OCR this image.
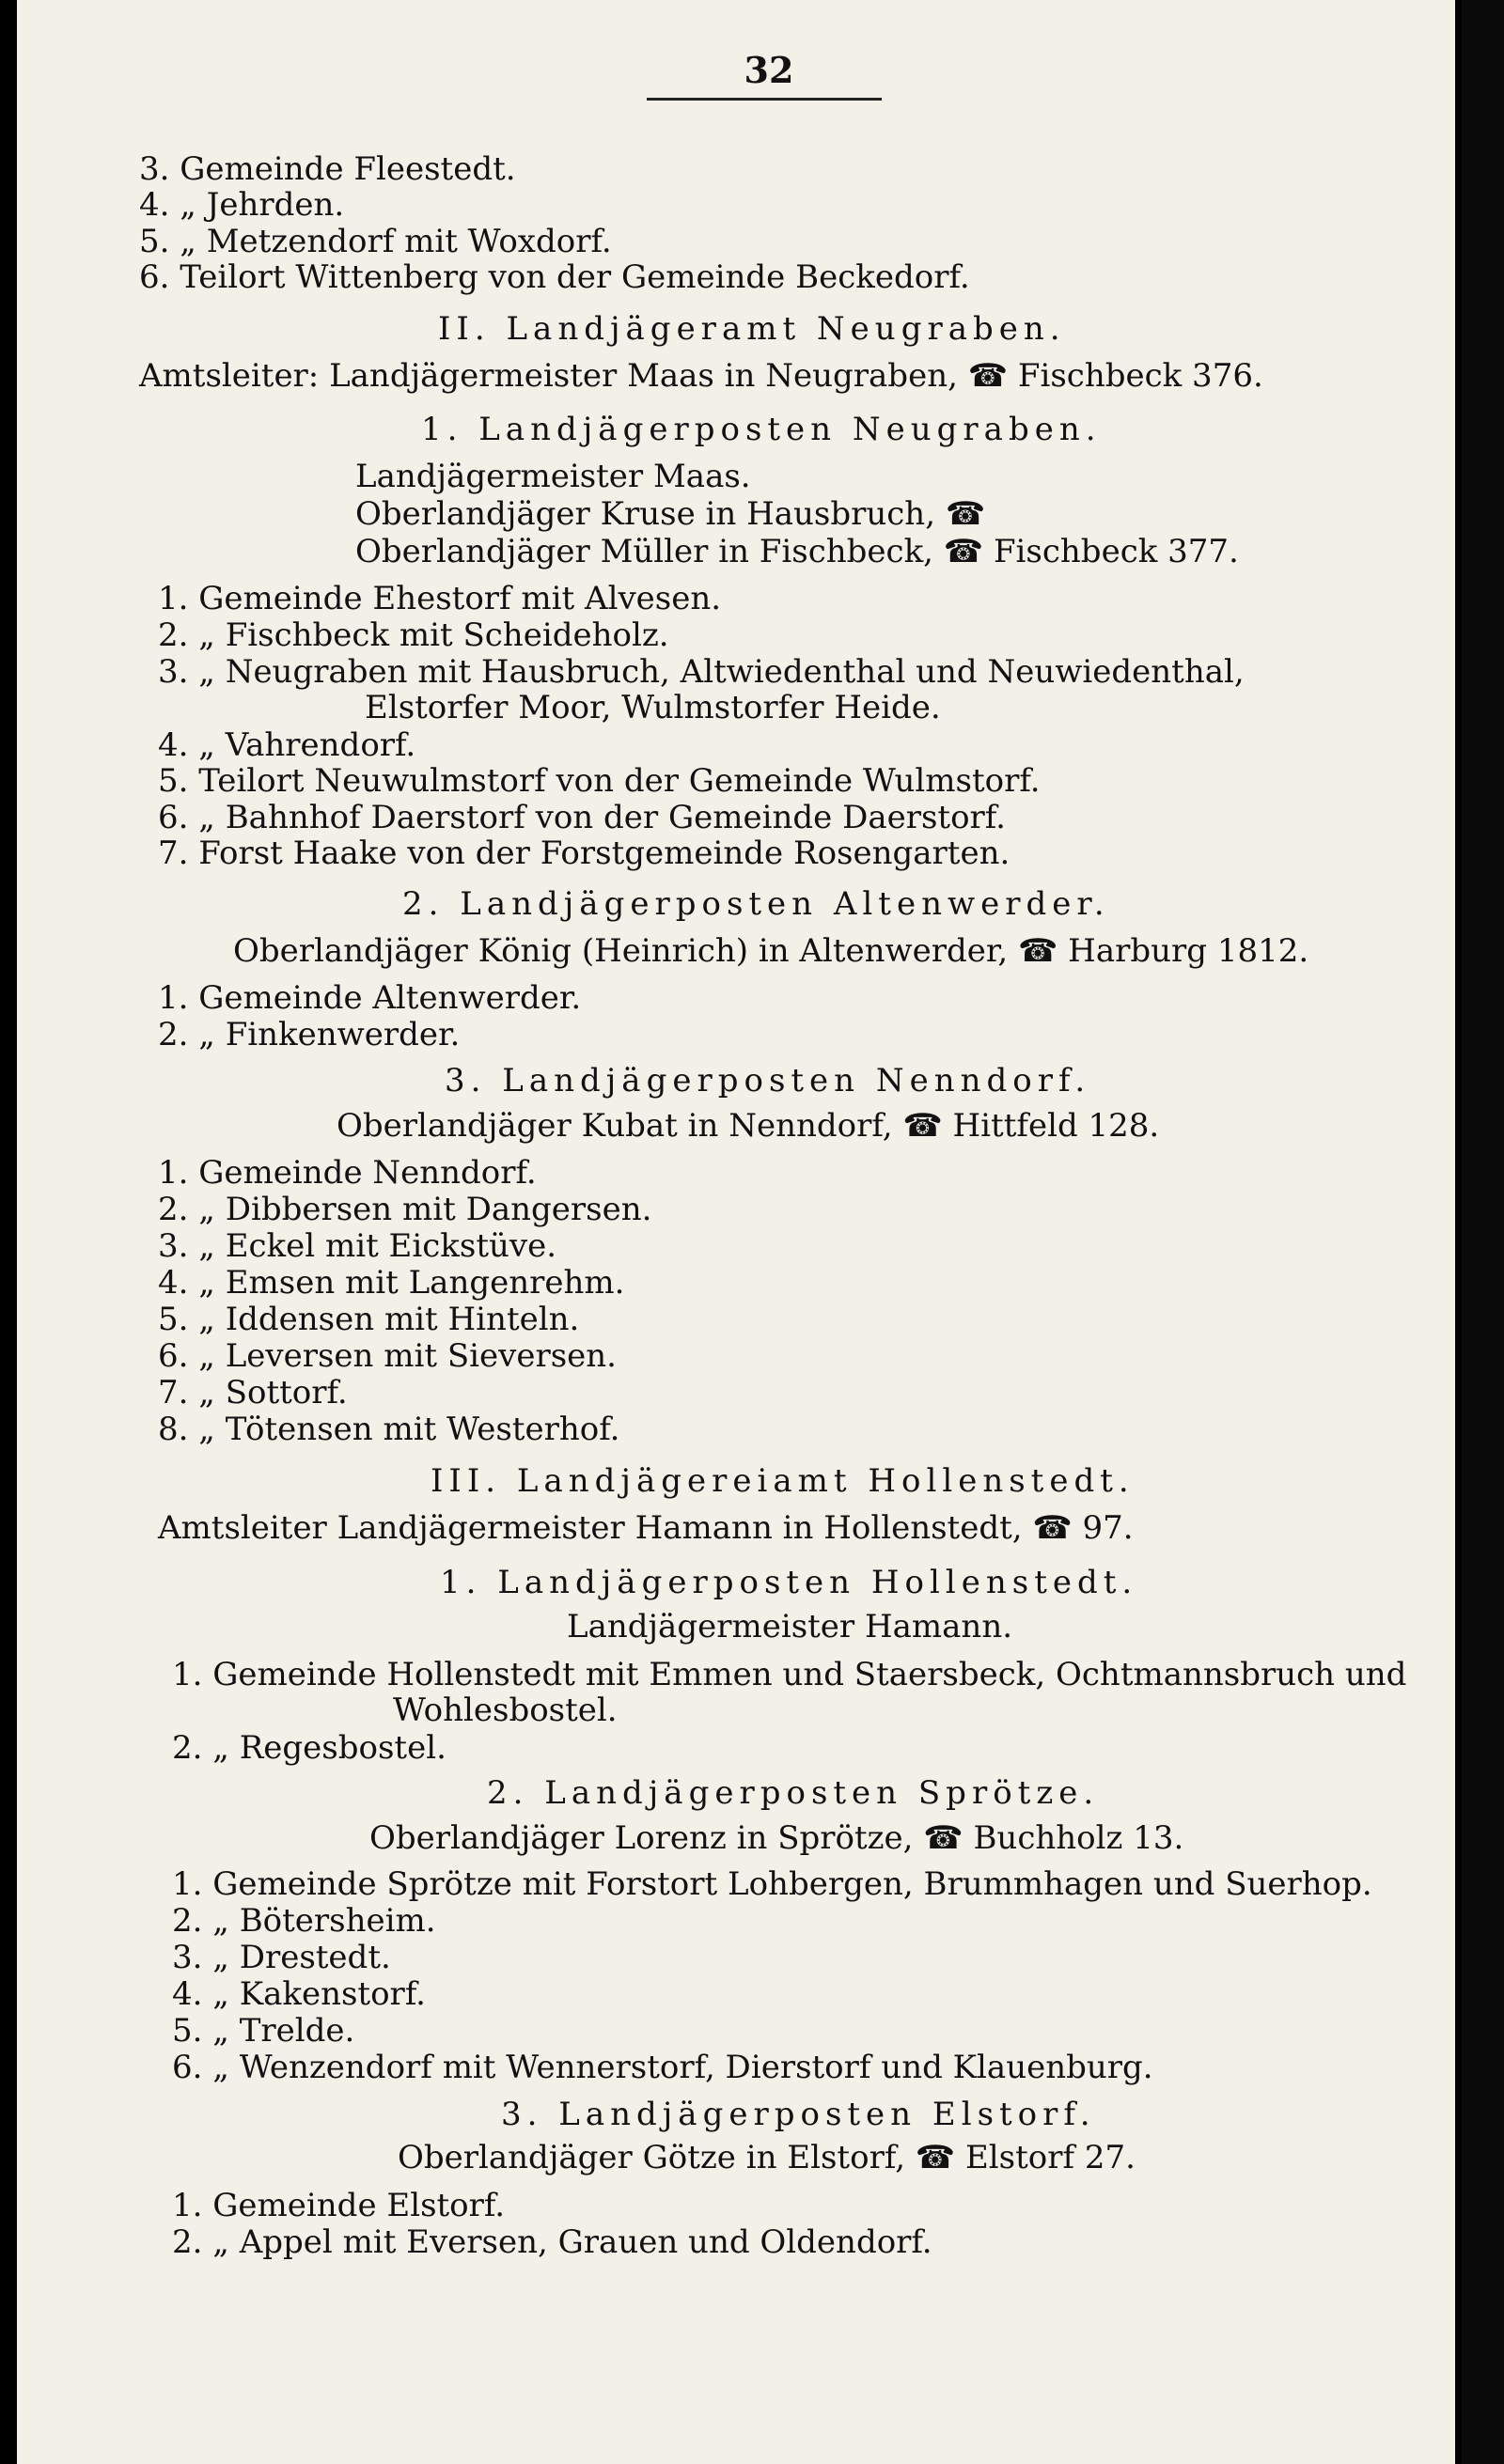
32
3. Gemeinde Fleestedt.
4. „ Jehrden.
5. „ Metzendorf mit Woxdorf.
6. Teilort Wittenberg von der Gemeinde Beckedorf.
II. Landjägeramt Neugraben.
Amtsleiter: Landjägermeister Maas in Neugraben, ☎ Fischbeck 376.
1. Landjägerposten Neugraben.
Landjägermeister Maas.
Oberlandjäger Kruse in Hausbruch, ☎
Oberlandjäger Müller in Fischbeck, ☎ Fischbeck 377.
1. Gemeinde Ehestorf mit Alvesen.
2. „ Fischbeck mit Scheideholz.
3. „ Neugraben mit Hausbruch, Altwiedenthal und Neuwiedenthal,
Elstorfer Moor, Wulmstorfer Heide.
4. „ Vahrendorf.
5. Teilort Neuwulmstorf von der Gemeinde Wulmstorf.
6. „ Bahnhof Daerstorf von der Gemeinde Daerstorf.
7. Forst Haake von der Forstgemeinde Rosengarten.
2. Landjägerposten Altenwerder.
Oberlandjäger König (Heinrich) in Altenwerder, ☎ Harburg 1812.
1. Gemeinde Altenwerder.
2. „ Finkenwerder.
3. Landjägerposten Nenndorf.
Oberlandjäger Kubat in Nenndorf, ☎ Hittfeld 128.
1. Gemeinde Nenndorf.
2. „ Dibbersen mit Dangersen.
3. „ Eckel mit Eickstüve.
4. „ Emsen mit Langenrehm.
5. „ Iddensen mit Hinteln.
6. „ Leversen mit Sieversen.
7. „ Sottorf.
8. „ Tötensen mit Westerhof.
III. Landjägereiamt Hollenstedt.
Amtsleiter Landjägermeister Hamann in Hollenstedt, ☎ 97.
1. Landjägerposten Hollenstedt.
Landjägermeister Hamann.
1. Gemeinde Hollenstedt mit Emmen und Staersbeck, Ochtmannsbruch und
Wohlesbostel.
2. „ Regesbostel.
2. Landjägerposten Sprötze.
Oberlandjäger Lorenz in Sprötze, ☎ Buchholz 13.
1. Gemeinde Sprötze mit Forstort Lohbergen, Brummhagen und Suerhop.
2. „ Bötersheim.
3. „ Drestedt.
4. „ Kakenstorf.
5. „ Trelde.
6. „ Wenzendorf mit Wennerstorf, Dierstorf und Klauenburg.
3. Landjägerposten Elstorf.
Oberlandjäger Götze in Elstorf, ☎ Elstorf 27.
1. Gemeinde Elstorf.
2. „ Appel mit Eversen, Grauen und Oldendorf.
